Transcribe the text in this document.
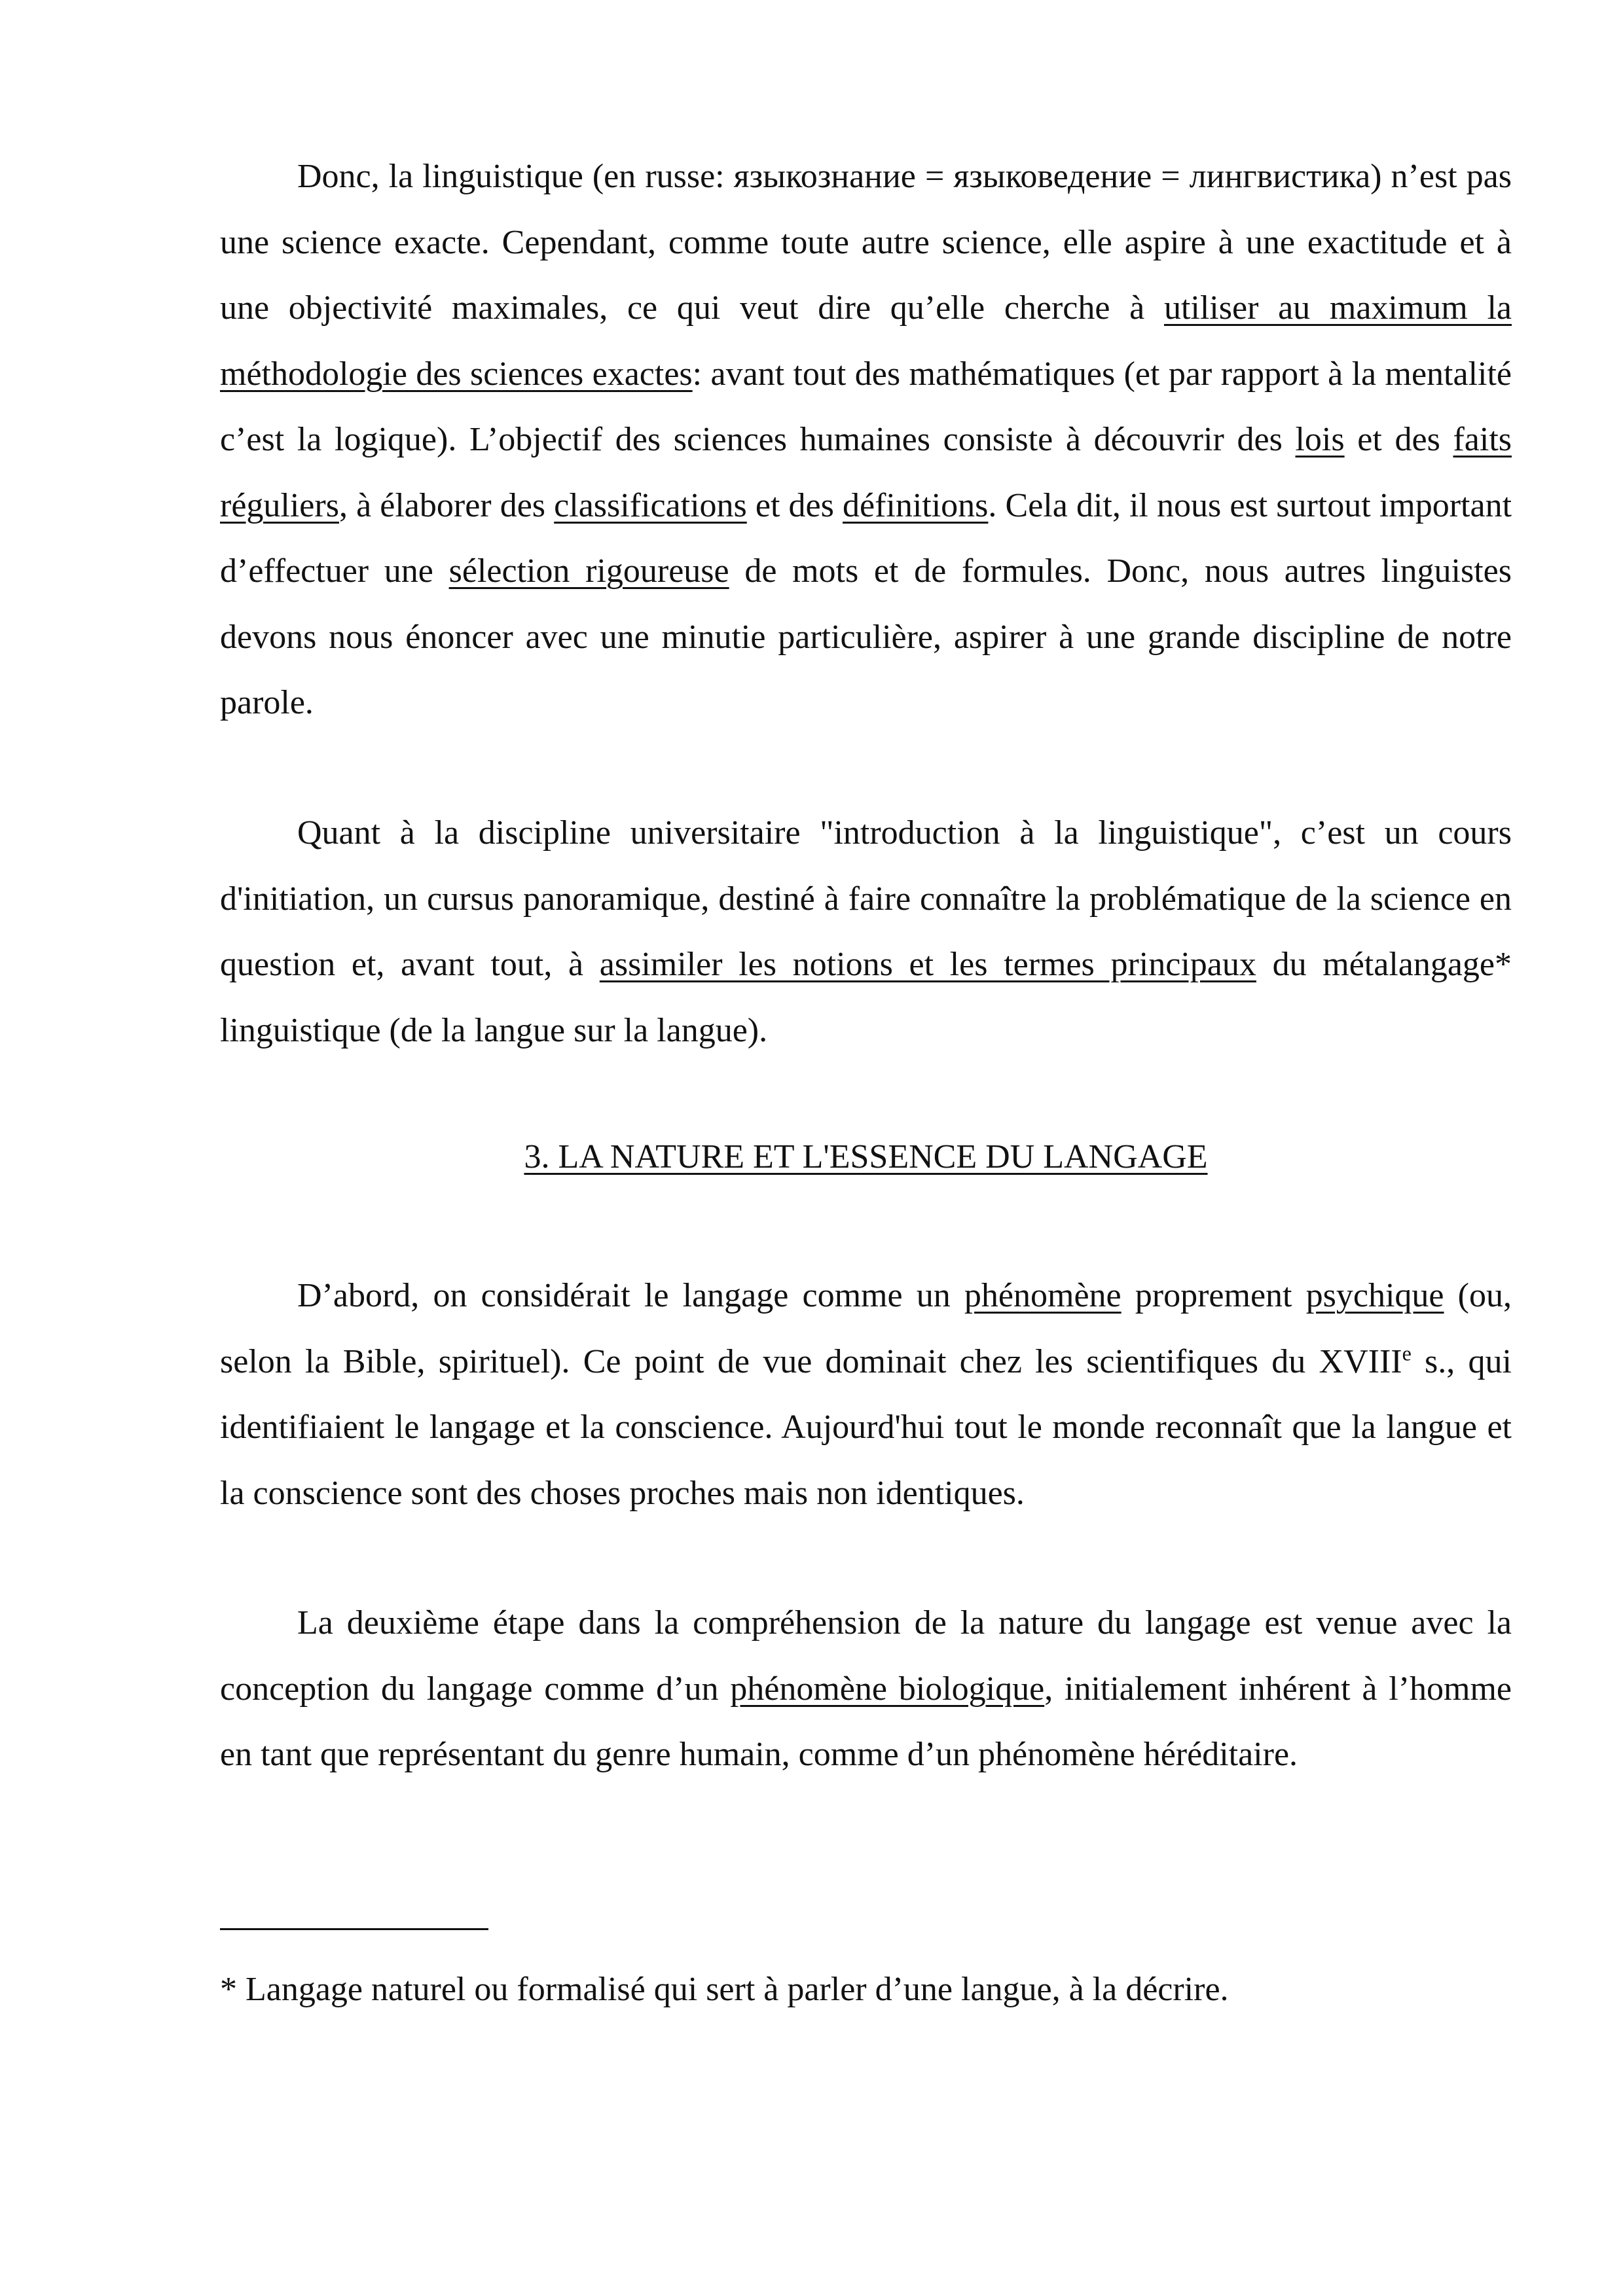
Donc, la linguistique (en russe: языкознание = языковедение = лингвистика) n’est pas une science exacte. Cependant, comme toute autre science, elle aspire à une exactitude et à une objectivité maximales, ce qui veut dire qu’elle cherche à utiliser au maximum la méthodologie des sciences exactes: avant tout des mathématiques (et par rapport à la mentalité c’est la logique). L’objectif des sciences humaines consiste à découvrir des lois et des faits réguliers, à élaborer des classifications et des définitions. Cela dit, il nous est surtout important d’effectuer une sélection rigoureuse de mots et de formules. Donc, nous autres linguistes devons nous énoncer avec une minutie particulière, aspirer à une grande discipline de notre parole.

Quant à la discipline universitaire "introduction à la linguistique", c’est un cours d'initiation, un cursus panoramique, destiné à faire connaître la problématique de la science en question et, avant tout, à assimiler les notions et les termes principaux du métalangage* linguistique (de la langue sur la langue).

3. LA NATURE ET L'ESSENCE DU LANGAGE

D’abord, on considérait le langage comme un phénomène proprement psychique (ou, selon la Bible, spirituel). Ce point de vue dominait chez les scientifiques du XVIIIe s., qui identifiaient le langage et la conscience. Aujourd'hui tout le monde reconnaît que la langue et la conscience sont des choses proches mais non identiques.

La deuxième étape dans la compréhension de la nature du langage est venue avec la conception du langage comme d’un phénomène biologique, initialement inhérent à l’homme en tant que représentant du genre humain, comme d’un phénomène héréditaire.

* Langage naturel ou formalisé qui sert à parler d’une langue, à la décrire.
